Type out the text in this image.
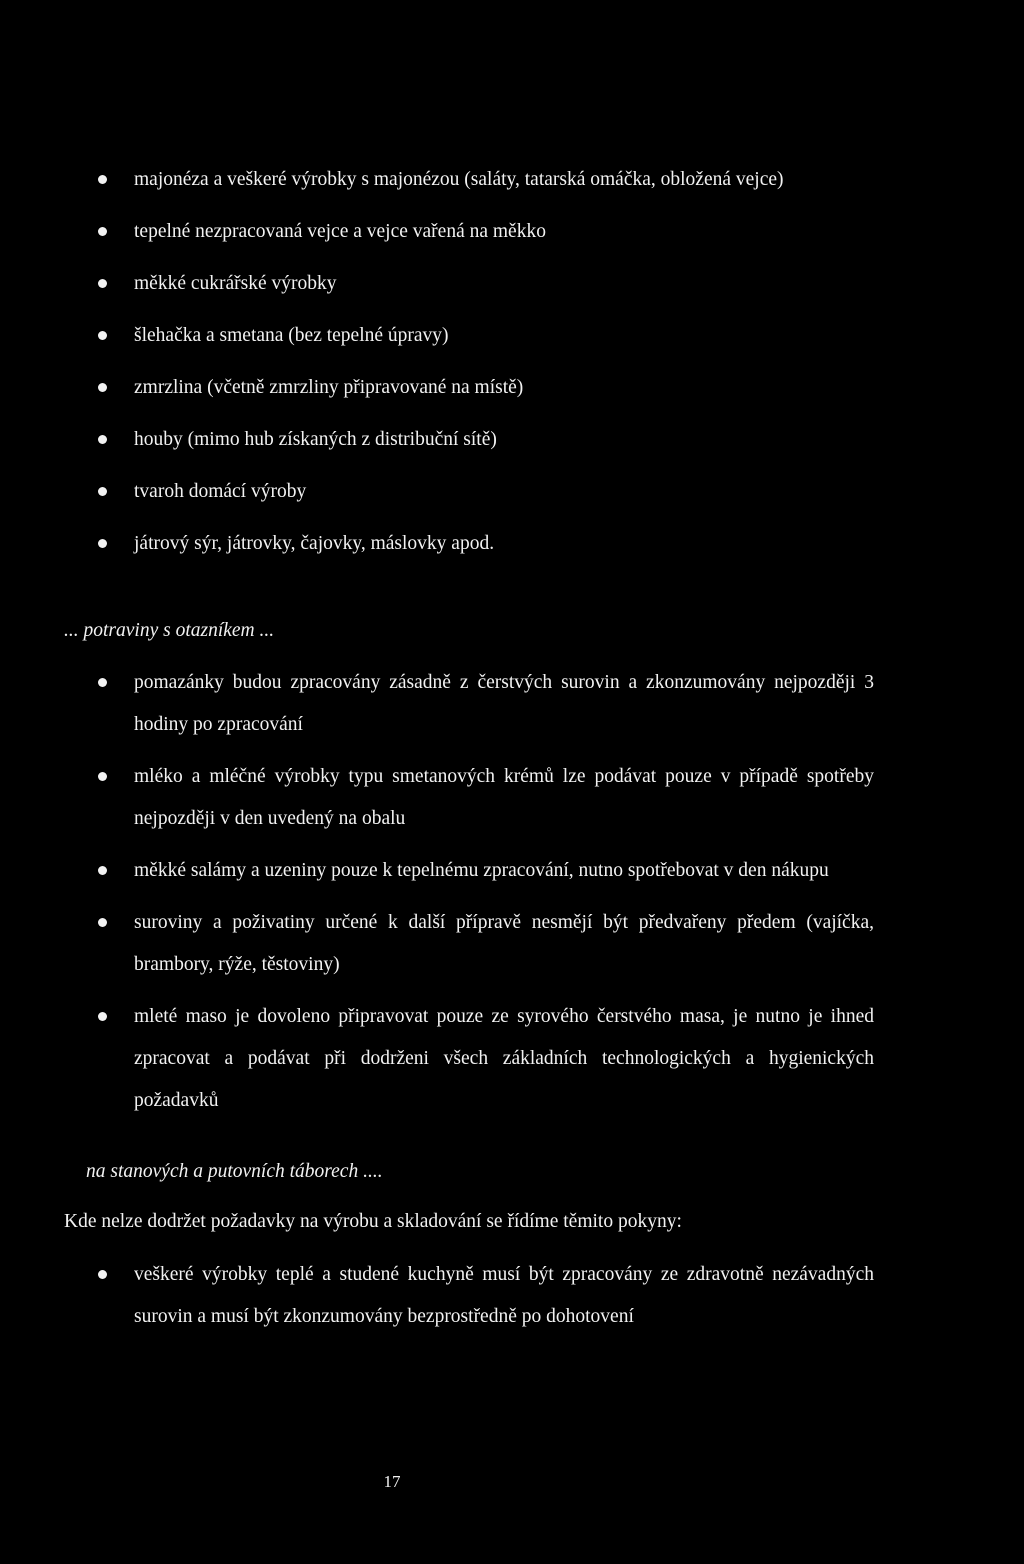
majonéza a veškeré výrobky s majonézou (saláty, tatarská omáčka, obložená vejce)
tepelné nezpracovaná vejce a vejce vařená na měkko
měkké cukrářské výrobky
šlehačka a smetana (bez tepelné úpravy)
zmrzlina (včetně zmrzliny připravované na místě)
houby (mimo hub získaných z distribuční sítě)
tvaroh domácí výroby
játrový sýr, játrovky, čajovky, máslovky apod.
... potraviny s otazníkem ...
pomazánky budou zpracovány zásadně z čerstvých surovin a zkonzumovány nejpozději 3 hodiny po zpracování
mléko a mléčné výrobky typu smetanových krémů lze podávat pouze v případě spotřeby nejpozději v den uvedený na obalu
měkké salámy a uzeniny pouze k tepelnému zpracování, nutno spotřebovat v den nákupu
suroviny a poživatiny určené k další přípravě nesmějí být předvařeny předem (vajíčka, brambory, rýže, těstoviny)
mleté maso je dovoleno připravovat pouze ze syrového čerstvého masa, je nutno je ihned zpracovat a podávat při dodrženi všech základních technologických a hygienických požadavků
na stanových a putovních táborech ....
Kde nelze dodržet požadavky na výrobu a skladování se řídíme těmito pokyny:
veškeré výrobky teplé a studené kuchyně musí být zpracovány ze zdravotně nezávadných surovin a musí být zkonzumovány bezprostředně po dohotovení
17
